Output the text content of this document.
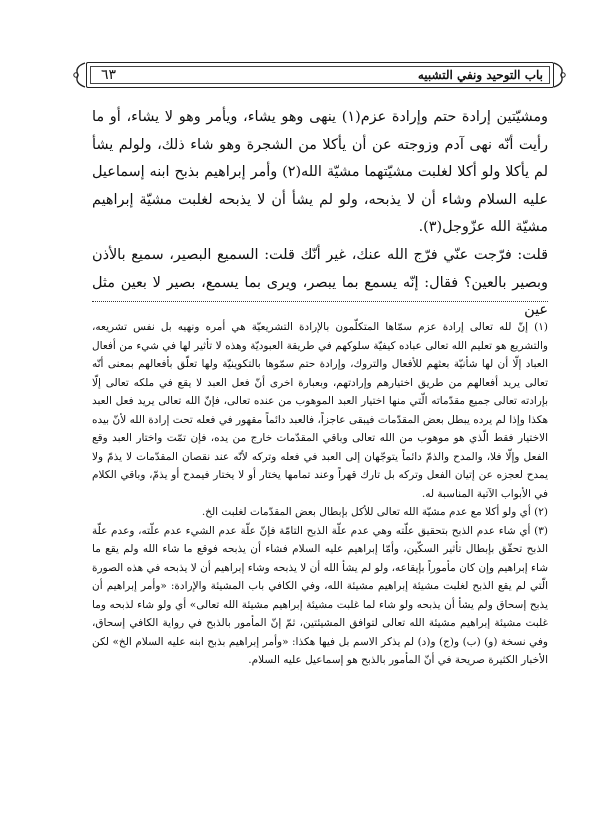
٦٣	باب التوحيد ونفي التشبيه

ومشيّتين إرادة حتم وإرادة عزم(١) ينهى وهو يشاء، ويأمر وهو لا يشاء، أو ما رأيت أنّه نهى آدم وزوجته عن أن يأكلا من الشجرة وهو شاء ذلك، ولولم يشأ لم يأكلا ولو أكلا لغلبت مشيّتهما مشيّة الله(٢) وأمر إبراهيم بذبح ابنه إسماعيل عليه السلام وشاء أن لا يذبحه، ولو لم يشأ أن لا يذبحه لغلبت مشيّة إبراهيم مشيّة الله عزّوجل(٣).

قلت: فرّجت عنّي فرّج الله عنك، غير أنّك قلت: السميع البصير، سميع بالأذن وبصير بالعين؟ فقال: إنّه يسمع بما يبصر، ويرى بما يسمع، بصير لا بعين مثل عين

(١) إنّ لله تعالى إرادة عزم سمّاها المتكلّمون بالإرادة التشريعيّة هي أمره ونهيه بل نفس تشريعه، والتشريع هو تعليم الله تعالى عباده كيفيّة سلوكهم في طريقة العبوديّة وهذه لا تأثير لها في شيء من أفعال العباد إلّا أن لها شأنيّة بعثهم للأفعال والتروك، وإرادة حتم سمّوها بالتكوينيّة ولها تعلّق بأفعالهم بمعنى أنّه تعالى يريد أفعالهم من طريق اختيارهم وإرادتهم، وبعبارة اخرى أنّ فعل العبد لا يقع في ملكه تعالى إلّا بإرادته تعالى جميع مقدّماته الّتي منها اختيار العبد الموهوب من عنده تعالى، فإنّ الله تعالى يريد فعل العبد هكذا وإذا لم يرده يبطل بعض المقدّمات فيبقى عاجزاً، فالعبد دائماً مقهور في فعله تحت إرادة الله لأنّ بيده الاختيار فقط الّذي هو موهوب من الله تعالى وباقي المقدّمات خارج من يده، فإن تمّت واختار العبد وقع الفعل وإلّا فلا، والمدح والذمّ دائماً يتوجّهان إلى العبد في فعله وتركه لأنّه عند نقصان المقدّمات لا يذمّ ولا يمدح لعجزه عن إتيان الفعل وتركه بل تارك قهراً وعند تمامها يختار أو لا يختار فيمدح أو يذمّ، وباقي الكلام في الأبواب الآتية المناسبة له.

(٢) أي ولو أكلا مع عدم مشيّة الله تعالى للأكل بإبطال بعض المقدّمات لغلبت الخ.

(٣) أي شاء عدم الذبح بتحقيق علّته وهي عدم علّة الذبح التامّة فإنّ علّة عدم الشيء عدم علّته، وعدم علّة الذبح تحقّق بإبطال تأثير السكّين، وأمّا إبراهيم عليه السلام فشاء أن يذبحه فوقع ما شاء الله ولم يقع ما شاء إبراهيم وإن كان مأموراً بإيقاعه، ولو لم يشأ الله أن لا يذبحه وشاء إبراهيم أن لا يذبحه في هذه الصورة الّتي لم يقع الذبح لغلبت مشيئة إبراهيم مشيئة الله، وفي الكافي باب المشيئة والإرادة: «وأمر إبراهيم أن يذبح إسحاق ولم يشأ أن يذبحه ولو شاء لما غلبت مشيئة إبراهيم مشيئة الله تعالى» أي ولو شاء لذبحه وما غلبت مشيئة إبراهيم مشيئة الله تعالى لتوافق المشيئتين، ثمّ إنّ المأمور بالذبح في رواية الكافي إسحاق، وفي نسخة (و) (ب) و(ج) و(د) لم يذكر الاسم بل فيها هكذا: «وأمر إبراهيم بذبح ابنه عليه السلام الخ» لكن الأخبار الكثيرة صريحة في أنّ المأمور بالذبح هو إسماعيل عليه السلام.
